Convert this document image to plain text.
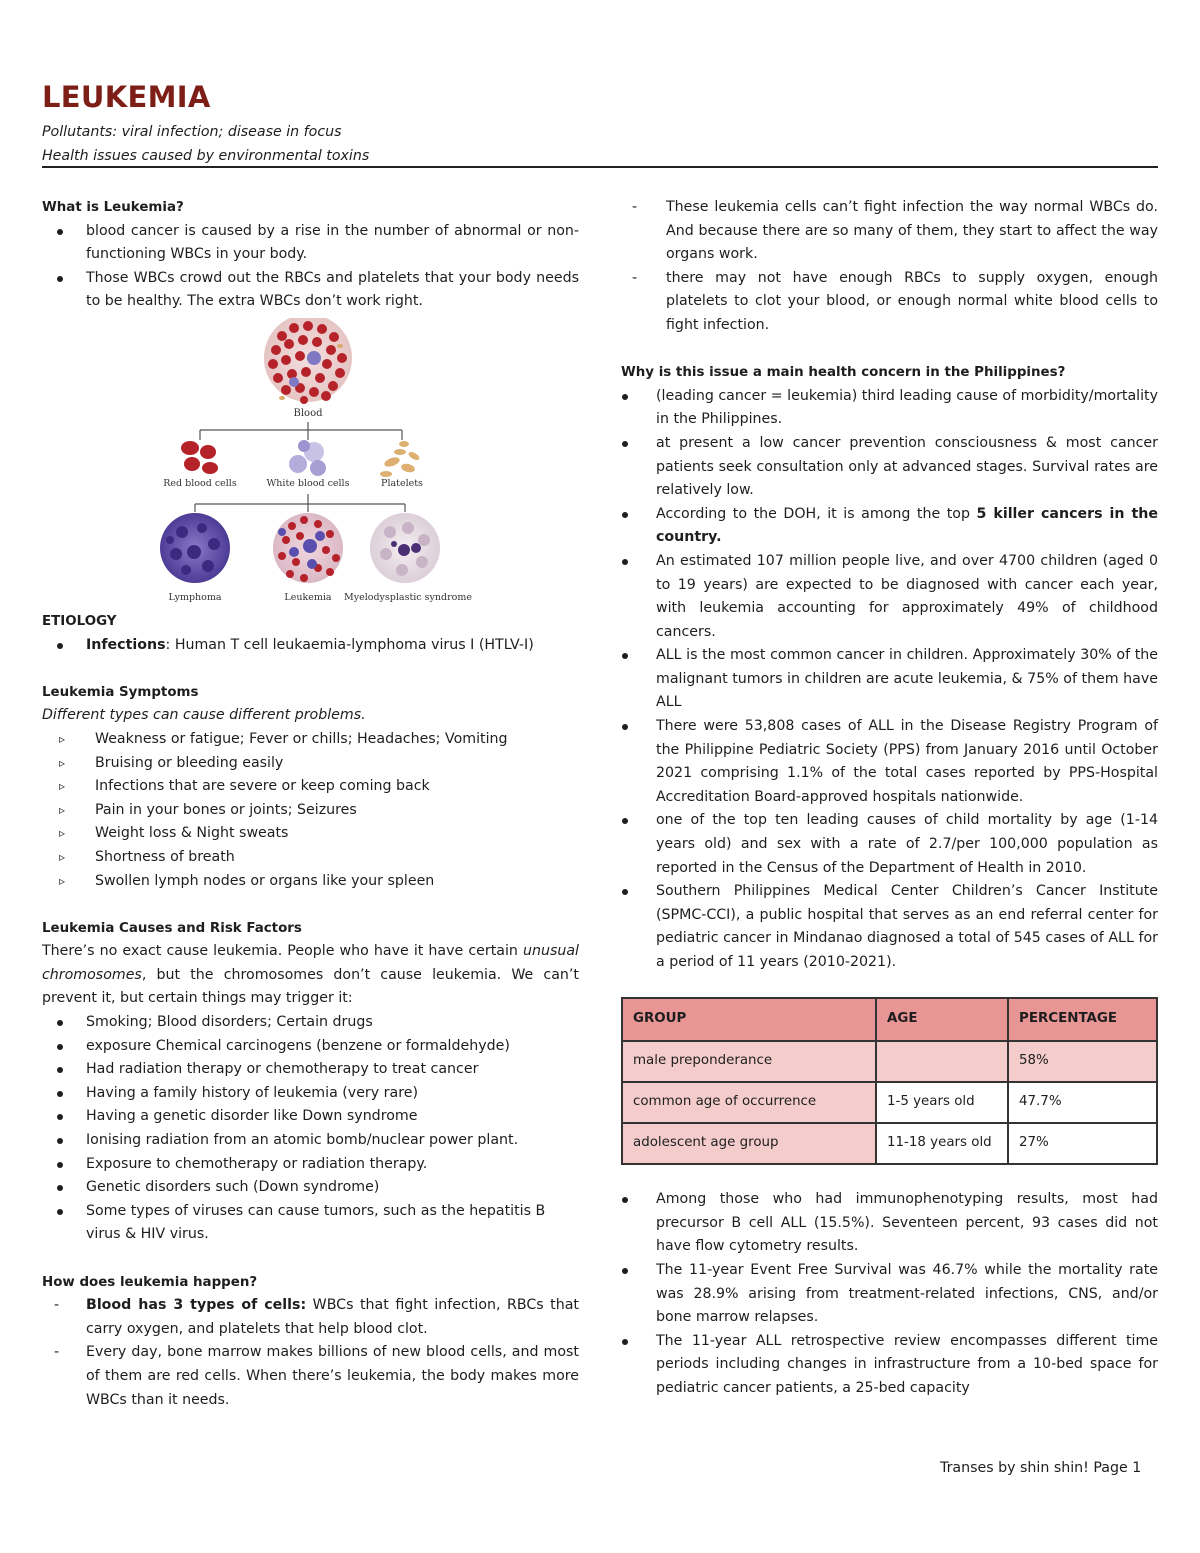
LEUKEMIA
Pollutants: viral infection; disease in focus
Health issues caused by environmental toxins

What is Leukemia?

blood cancer is caused by a rise in the number of abnormal or non-functioning WBCs in your body.
Those WBCs crowd out the RBCs and platelets that your body needs to be healthy. The extra WBCs don’t work right.
Blood
Red blood cells	White blood cells	Platelets
Lymphoma	Leukemia Myelodysplastic syndrome

ETIOLOGY

Infections: Human T cell leukaemia-lymphoma virus I (HTLV-I)

Leukemia Symptoms

Different types can cause different problems.

▹ Weakness or fatigue; Fever or chills; Headaches; Vomiting
▹ Bruising or bleeding easily
▹ Infections that are severe or keep coming back
▹ Pain in your bones or joints; Seizures
▹ Weight loss & Night sweats
▹ Shortness of breath
▹ Swollen lymph nodes or organs like your spleen

Leukemia Causes and Risk Factors

There’s no exact cause leukemia. People who have it have certain unusual chromosomes, but the chromosomes don’t cause leukemia. We can’t prevent it, but certain things may trigger it:

Smoking; Blood disorders; Certain drugs
exposure Chemical carcinogens (benzene or formaldehyde)
Had radiation therapy or chemotherapy to treat cancer
Having a family history of leukemia (very rare)
Having a genetic disorder like Down syndrome
Ionising radiation from an atomic bomb/nuclear power plant.
Exposure to chemotherapy or radiation therapy.
Genetic disorders such (Down syndrome)
Some types of viruses can cause tumors, such as the hepatitis B virus & HIV virus.

How does leukemia happen?

- Blood has 3 types of cells: WBCs that fight infection, RBCs that carry oxygen, and platelets that help blood clot.
- Every day, bone marrow makes billions of new blood cells, and most of them are red cells. When there’s leukemia, the body makes more WBCs than it needs.
- These leukemia cells can’t fight infection the way normal WBCs do. And because there are so many of them, they start to affect the way organs work.
- there may not have enough RBCs to supply oxygen, enough platelets to clot your blood, or enough normal white blood cells to fight infection.

Why is this issue a main health concern in the Philippines?

(leading cancer = leukemia) third leading cause of morbidity/mortality in the Philippines.
at present a low cancer prevention consciousness & most cancer patients seek consultation only at advanced stages. Survival rates are relatively low.
According to the DOH, it is among the top 5 killer cancers in the country.
An estimated 107 million people live, and over 4700 children (aged 0 to 19 years) are expected to be diagnosed with cancer each year, with leukemia accounting for approximately 49% of childhood cancers.
ALL is the most common cancer in children. Approximately 30% of the malignant tumors in children are acute leukemia, & 75% of them have ALL
There were 53,808 cases of ALL in the Disease Registry Program of the Philippine Pediatric Society (PPS) from January 2016 until October 2021 comprising 1.1% of the total cases reported by PPS-Hospital Accreditation Board-approved hospitals nationwide.
one of the top ten leading causes of child mortality by age (1-14 years old) and sex with a rate of 2.7/per 100,000 population as reported in the Census of the Department of Health in 2010.
Southern Philippines Medical Center Children’s Cancer Institute (SPMC-CCI), a public hospital that serves as an end referral center for pediatric cancer in Mindanao diagnosed a total of 545 cases of ALL for a period of 11 years (2010-2021).
GROUP	AGE	PERCENTAGE
male preponderance		58%
common age of occurrence	1-5 years old	47.7%
adolescent age group	11-18 years old	27%
Among those who had immunophenotyping results, most had precursor B cell ALL (15.5%). Seventeen percent, 93 cases did not have flow cytometry results.
The 11-year Event Free Survival was 46.7% while the mortality rate was 28.9% arising from treatment-related infections, CNS, and/or bone marrow relapses.
The 11-year ALL retrospective review encompasses different time periods including changes in infrastructure from a 10-bed space for pediatric cancer patients, a 25-bed capacity
Transes by shin shin! Page 1
